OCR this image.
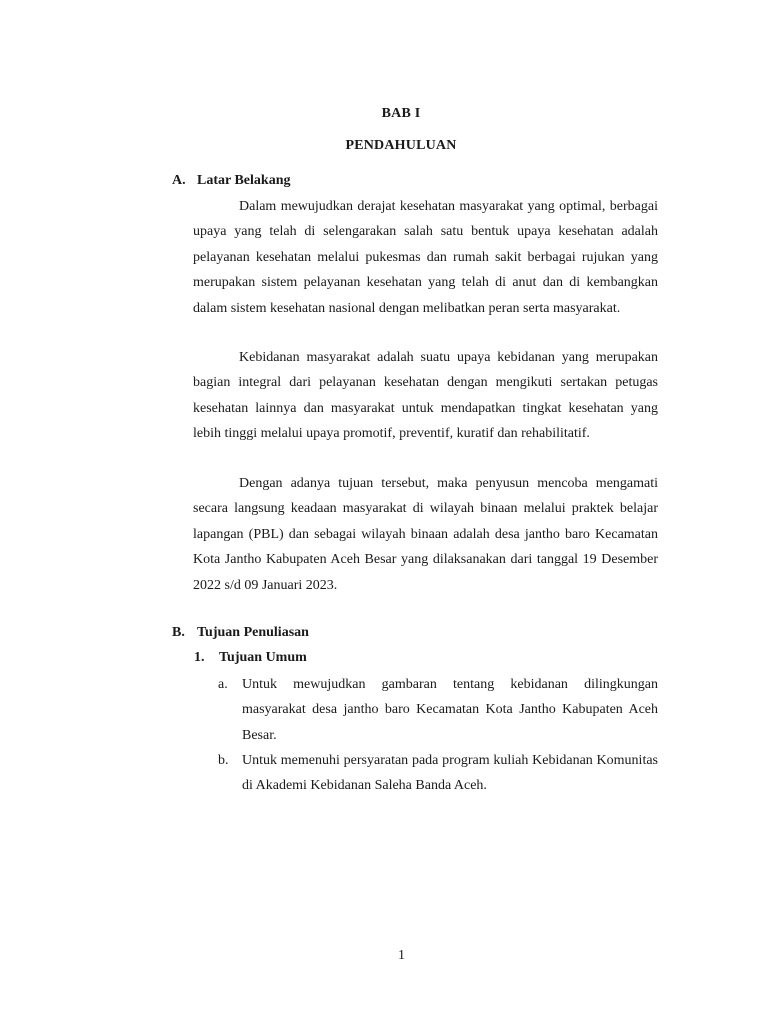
BAB I
PENDAHULUAN
A. Latar Belakang

Dalam mewujudkan derajat kesehatan masyarakat yang optimal, berbagai upaya yang telah di selengarakan salah satu bentuk upaya kesehatan adalah pelayanan kesehatan melalui pukesmas dan rumah sakit berbagai rujukan yang merupakan sistem pelayanan kesehatan yang telah di anut dan di kembangkan dalam sistem kesehatan nasional dengan melibatkan peran serta masyarakat.

Kebidanan masyarakat adalah suatu upaya kebidanan yang merupakan bagian integral dari pelayanan kesehatan dengan mengikuti sertakan petugas kesehatan lainnya dan masyarakat untuk mendapatkan tingkat kesehatan yang lebih tinggi melalui upaya promotif, preventif, kuratif dan rehabilitatif.

Dengan adanya tujuan tersebut, maka penyusun mencoba mengamati secara langsung keadaan masyarakat di wilayah binaan melalui praktek belajar lapangan (PBL) dan sebagai wilayah binaan adalah desa jantho baro Kecamatan Kota Jantho Kabupaten Aceh Besar yang dilaksanakan dari tanggal 19 Desember 2022 s/d 09 Januari 2023.

B. Tujuan Penuliasan
1. Tujuan Umum
a. Untuk mewujudkan gambaran tentang kebidanan dilingkungan masyarakat desa jantho baro Kecamatan Kota Jantho Kabupaten Aceh Besar.
b. Untuk memenuhi persyaratan pada program kuliah Kebidanan Komunitas di Akademi Kebidanan Saleha Banda Aceh.
1
